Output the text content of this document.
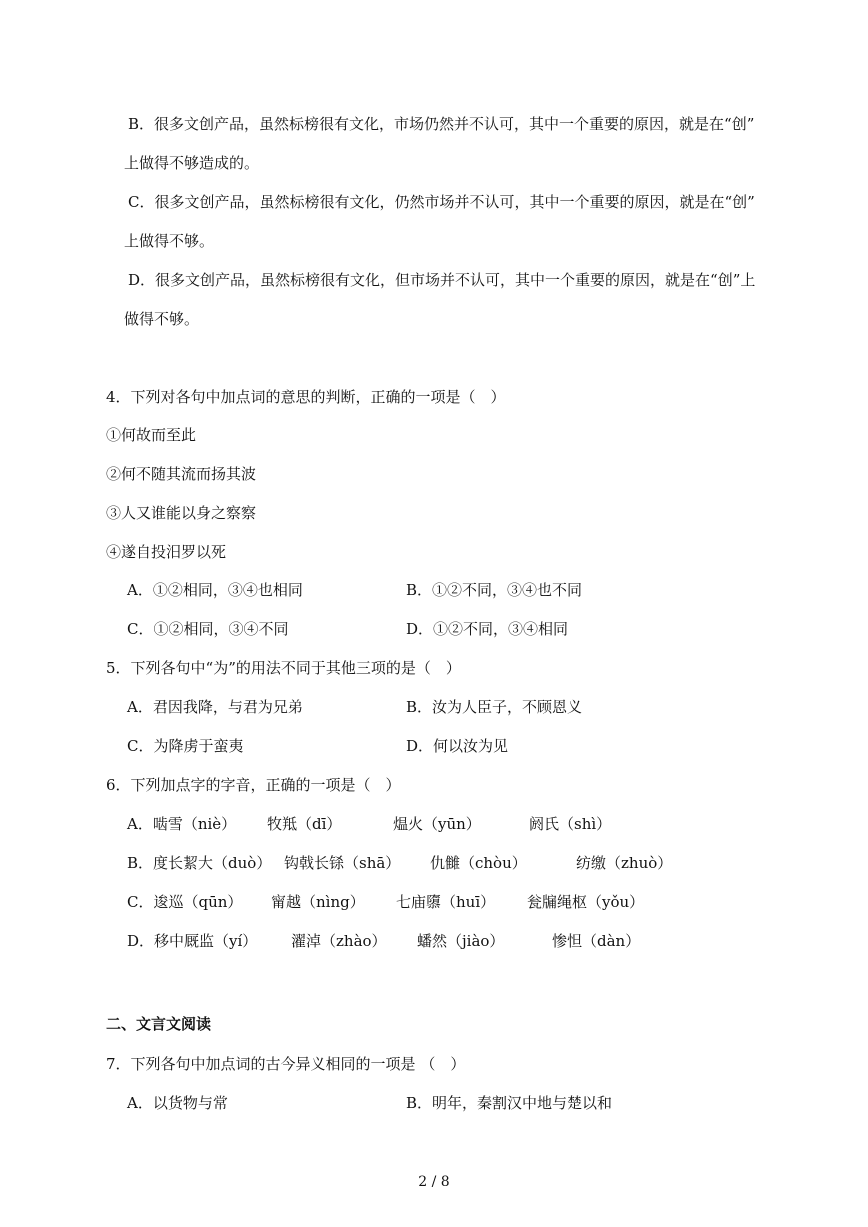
B．很多文创产品，虽然标榜很有文化，市场仍然并不认可，其中一个重要的原因，就是在“创”
上做得不够造成的。
C．很多文创产品，虽然标榜很有文化，仍然市场并不认可，其中一个重要的原因，就是在“创”
上做得不够。
D．很多文创产品，虽然标榜很有文化，但市场并不认可，其中一个重要的原因，就是在“创”上
做得不够。
4．下列对各句中加点词的意思的判断，正确的一项是（　）
①何故而至此
②何不随其流而扬其波
③人又谁能以身之察察
④遂自投汨罗以死
A．①②相同，③④也相同	B．①②不同，③④也不同
C．①②相同，③④不同	D．①②不同，③④相同
5．下列各句中“为”的用法不同于其他三项的是（　）
A．君因我降，与君为兄弟	B．汝为人臣子，不顾恩义
C．为降虏于蛮夷	D．何以汝为见
6．下列加点字的字音，正确的一项是（　）
A．啮雪（niè） 牧羝（dī）	煴火（yūn）	阏氏（shì）
B．度长絜大（duò） 钩戟长铩（shā） 仇雠（chòu）	纺缴（zhuò）
C．逡巡（qūn） 甯越（nìng） 七庙隳（huī） 瓮牖绳枢（yǒu）
D．移中厩监（yí） 濯淖（zhào） 蟠然（jiào）	惨怛（dàn）
二、文言文阅读
7．下列各句中加点词的古今异义相同的一项是 （　）
A．以货物与常	B．明年，秦割汉中地与楚以和
2 / 8
